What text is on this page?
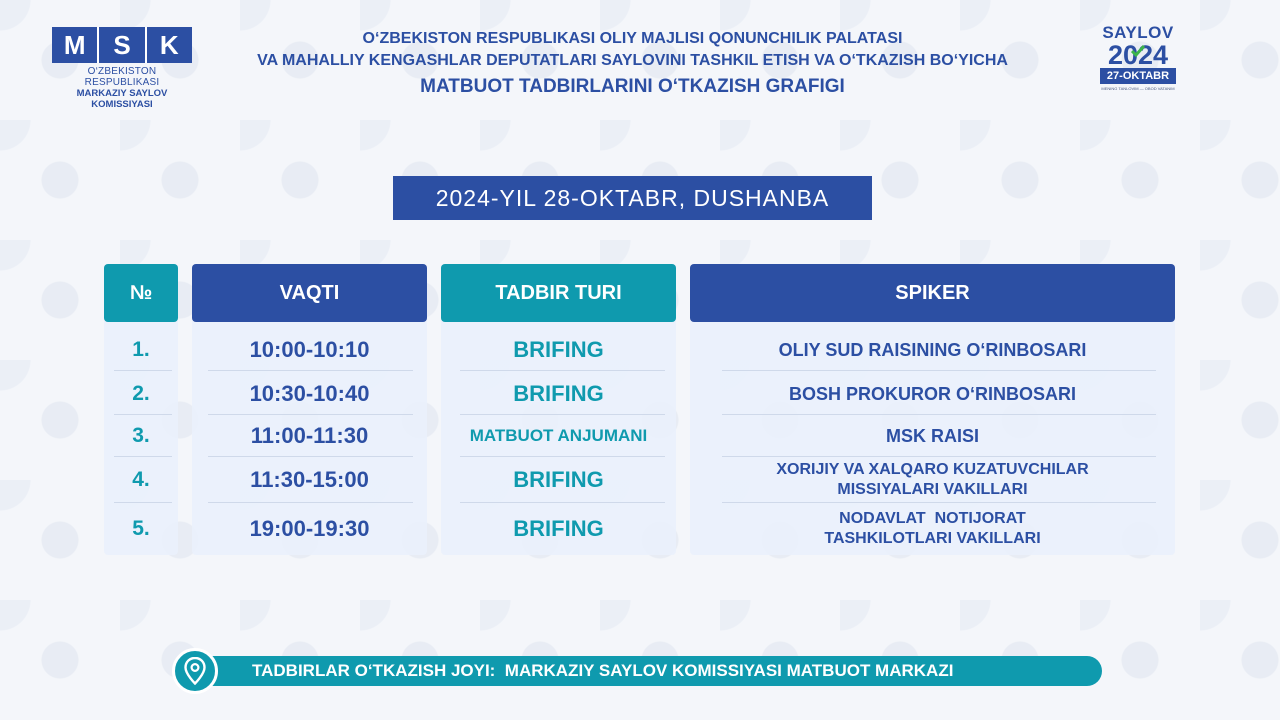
M	S	K
O‘ZBEKISTON RESPUBLIKASI
MARKAZIY SAYLOV KOMISSIYASI
O‘ZBEKISTON RESPUBLIKASI OLIY MAJLISI QONUNCHILIK PALATASI
VA MAHALLIY KENGASHLAR DEPUTATLARI SAYLOVINI TASHKIL ETISH VA O‘TKAZISH BO‘YICHA
MATBUOT TADBIRLARINI O‘TKAZISH GRAFIGI
SAYLOV
2024
27-OKTABR
MENING TANLOVIM — OBOD VATANIM
2024-YIL 28-OKTABR, DUSHANBA
№	VAQTI	TADBIR TURI	SPIKER
1.	10:00-10:10	BRIFING	OLIY SUD RAISINING O‘RINBOSARI
2.	10:30-10:40	BRIFING	BOSH PROKUROR O‘RINBOSARI
3.	11:00-11:30	MATBUOT ANJUMANI	MSK RAISI
4.	11:30-15:00	BRIFING	XORIJIY VA XALQARO KUZATUVCHILAR
MISSIYALARI VAKILLARI
5.	19:00-19:30	BRIFING	NODAVLAT  NOTIJORAT
TASHKILOTLARI VAKILLARI
TADBIRLAR O‘TKAZISH JOYI:  MARKAZIY SAYLOV KOMISSIYASI MATBUOT MARKAZI
